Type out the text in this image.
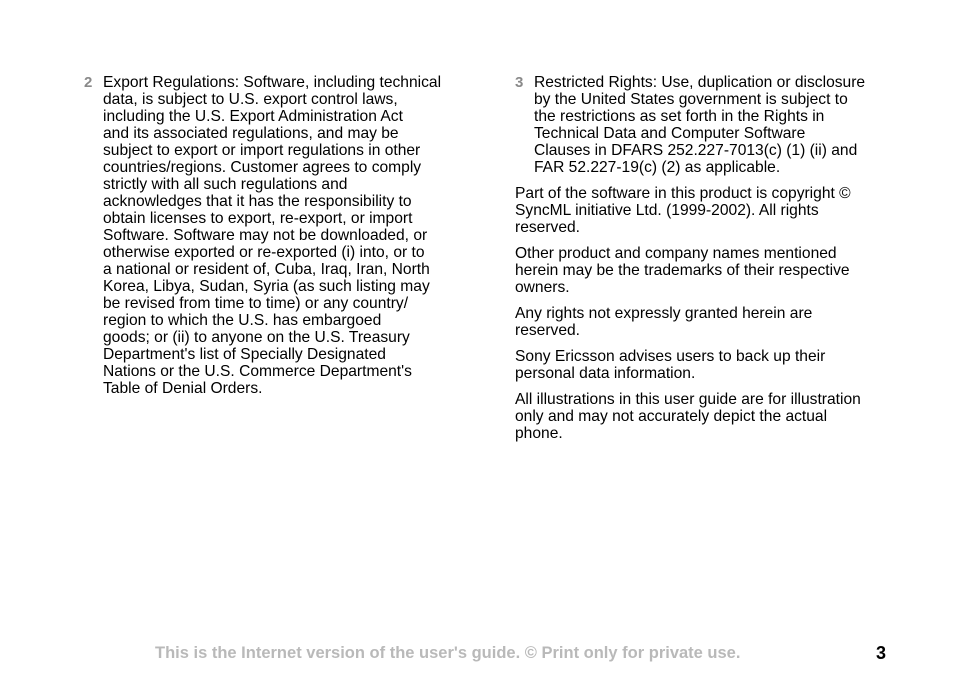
2 Export Regulations: Software, including technical
data, is subject to U.S. export control laws,
including the U.S. Export Administration Act
and its associated regulations, and may be
subject to export or import regulations in other
countries/regions. Customer agrees to comply
strictly with all such regulations and
acknowledges that it has the responsibility to
obtain licenses to export, re-export, or import
Software. Software may not be downloaded, or
otherwise exported or re-exported (i) into, or to
a national or resident of, Cuba, Iraq, Iran, North
Korea, Libya, Sudan, Syria (as such listing may
be revised from time to time) or any country/
region to which the U.S. has embargoed
goods; or (ii) to anyone on the U.S. Treasury
Department's list of Specially Designated
Nations or the U.S. Commerce Department's
Table of Denial Orders.
3 Restricted Rights: Use, duplication or disclosure
by the United States government is subject to
the restrictions as set forth in the Rights in
Technical Data and Computer Software
Clauses in DFARS 252.227-7013(c) (1) (ii) and
FAR 52.227-19(c) (2) as applicable.
Part of the software in this product is copyright ©
SyncML initiative Ltd. (1999-2002). All rights
reserved.
Other product and company names mentioned
herein may be the trademarks of their respective
owners.
Any rights not expressly granted herein are
reserved.
Sony Ericsson advises users to back up their
personal data information.
All illustrations in this user guide are for illustration
only and may not accurately depict the actual
phone.
This is the Internet version of the user's guide. © Print only for private use.	3
